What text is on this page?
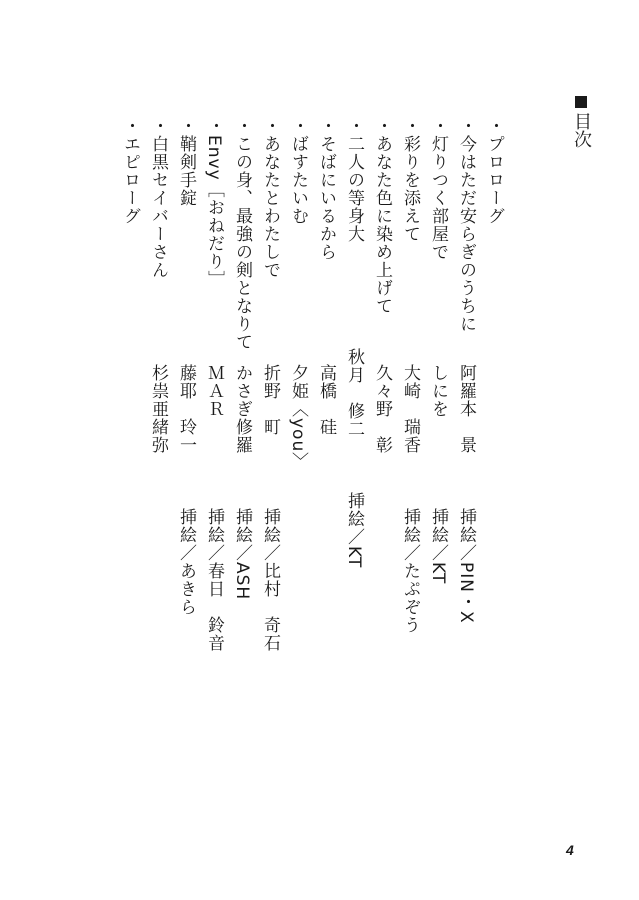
目次
・プロローグ
・今はただ安らぎのうちに
・灯りつく部屋で
・彩りを添えて
・あなた色に染め上げて
・二人の等身大
・そばにいるから
・ばすたいむ
・あなたとわたしで
・この身、最強の剣となりて
・Envy［おねだり］
・鞘剣手錠
・白黒セイバーさん
・エピローグ
阿羅本　景
しにを
大崎　瑞香
久々野　彰
秋月　修二
高橋　硅
夕姫〈you〉
折野　町
かさぎ修羅
ＭＡＲ
藤耶　玲一
杉祟亜緒弥
挿絵／PIN・X
挿絵／KT
挿絵／たぷぞう
挿絵／KT
挿絵／比村　奇石
挿絵／ASH
挿絵／春日　鈴音
挿絵／あきら
4
